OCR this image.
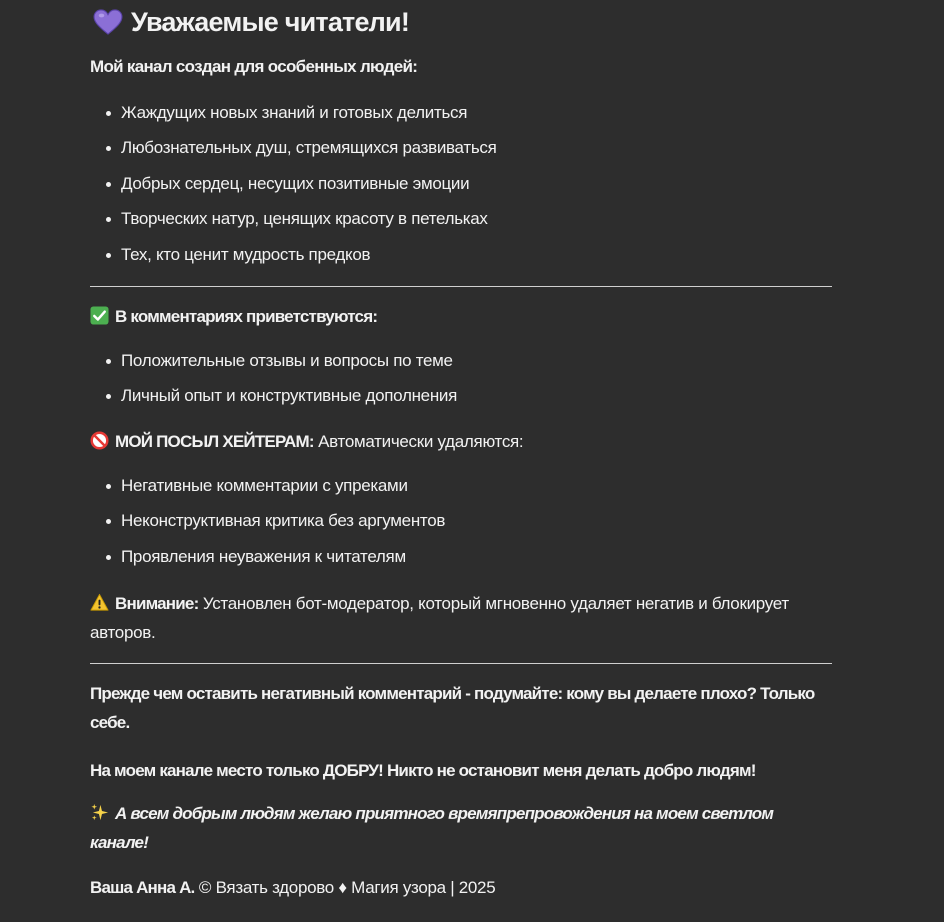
Уважаемые читатели!

Мой канал создан для особенных людей:

Жаждущих новых знаний и готовых делиться
Любознательных душ, стремящихся развиваться
Добрых сердец, несущих позитивные эмоции
Творческих натур, ценящих красоту в петельках
Тех, кто ценит мудрость предков
В комментариях приветствуются:
Положительные отзывы и вопросы по теме
Личный опыт и конструктивные дополнения
МОЙ ПОСЫЛ ХЕЙТЕРАМ: Автоматически удаляются:
Негативные комментарии с упреками
Неконструктивная критика без аргументов
Проявления неуважения к читателям
Внимание: Установлен бот-модератор, который мгновенно удаляет негатив и блокирует авторов.

Прежде чем оставить негативный комментарий - подумайте: кому вы делаете плохо? Только себе.

На моем канале место только ДОБРУ! Никто не остановит меня делать добро людям!

А всем добрым людям желаю приятного времяпрепровождения на моем светлом канале!
Ваша Анна А. © Вязать здорово ♦ Магия узора | 2025
